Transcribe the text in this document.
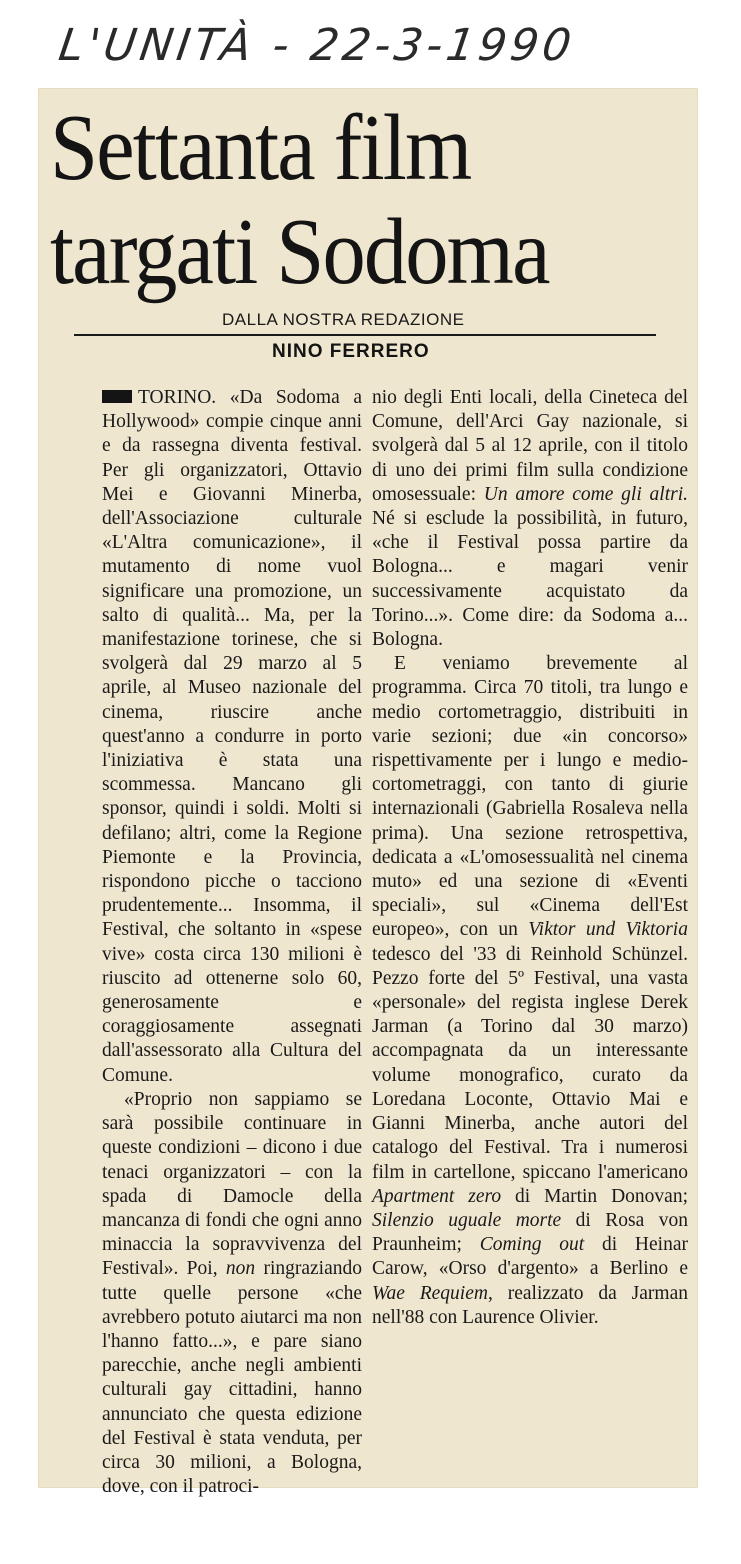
L'UNITÀ - 22-3-1990
Settanta film
targati Sodoma
DALLA NOSTRA REDAZIONE
NINO FERRERO

TORINO. «Da Sodoma a Hollywood» compie cinque anni e da rassegna diventa festival. Per gli organizzatori, Ottavio Mei e Giovanni Minerba, dell'Associazione culturale «L'Altra comunicazione», il mutamento di nome vuol significare una promozione, un salto di qualità... Ma, per la manifestazione torinese, che si svolgerà dal 29 marzo al 5 aprile, al Museo nazionale del cinema, riuscire anche quest'anno a condurre in porto l'iniziativa è stata una scommessa. Mancano gli sponsor, quindi i soldi. Molti si defilano; altri, come la Regione Piemonte e la Provincia, rispondono picche o tacciono prudentemente... Insomma, il Festival, che soltanto in «spese vive» costa circa 130 milioni è riuscito ad ottenerne solo 60, generosamente e coraggiosamente assegnati dall'assessorato alla Cultura del Comune.

«Proprio non sappiamo se sarà possibile continuare in queste condizioni – dicono i due tenaci organizzatori – con la spada di Damocle della mancanza di fondi che ogni anno minaccia la sopravvivenza del Festival». Poi, non ringraziando tutte quelle persone «che avrebbero potuto aiutarci ma non l'hanno fatto...», e pare siano parecchie, anche negli ambienti culturali gay cittadini, hanno annunciato che questa edizione del Festival è stata venduta, per circa 30 milioni, a Bologna, dove, con il patroci-

nio degli Enti locali, della Cineteca del Comune, dell'Arci Gay nazionale, si svolgerà dal 5 al 12 aprile, con il titolo di uno dei primi film sulla condizione omosessuale: Un amore come gli altri. Né si esclude la possibilità, in futuro, «che il Festival possa partire da Bologna... e magari venir successivamente acquistato da Torino...». Come dire: da Sodoma a... Bologna.

E veniamo brevemente al programma. Circa 70 titoli, tra lungo e medio cortometraggio, distribuiti in varie sezioni; due «in concorso» rispettivamente per i lungo e medio-cortometraggi, con tanto di giurie internazionali (Gabriella Rosaleva nella prima). Una sezione retrospettiva, dedicata a «L'omosessualità nel cinema muto» ed una sezione di «Eventi speciali», sul «Cinema dell'Est europeo», con un Viktor und Viktoria tedesco del '33 di Reinhold Schünzel. Pezzo forte del 5º Festival, una vasta «personale» del regista inglese Derek Jarman (a Torino dal 30 marzo) accompagnata da un interessante volume monografico, curato da Loredana Loconte, Ottavio Mai e Gianni Minerba, anche autori del catalogo del Festival. Tra i numerosi film in cartellone, spiccano l'americano Apartment zero di Martin Donovan; Silenzio uguale morte di Rosa von Praunheim; Coming out di Heinar Carow, «Orso d'argento» a Berlino e Wae Requiem, realizzato da Jarman nell'88 con Laurence Olivier.
